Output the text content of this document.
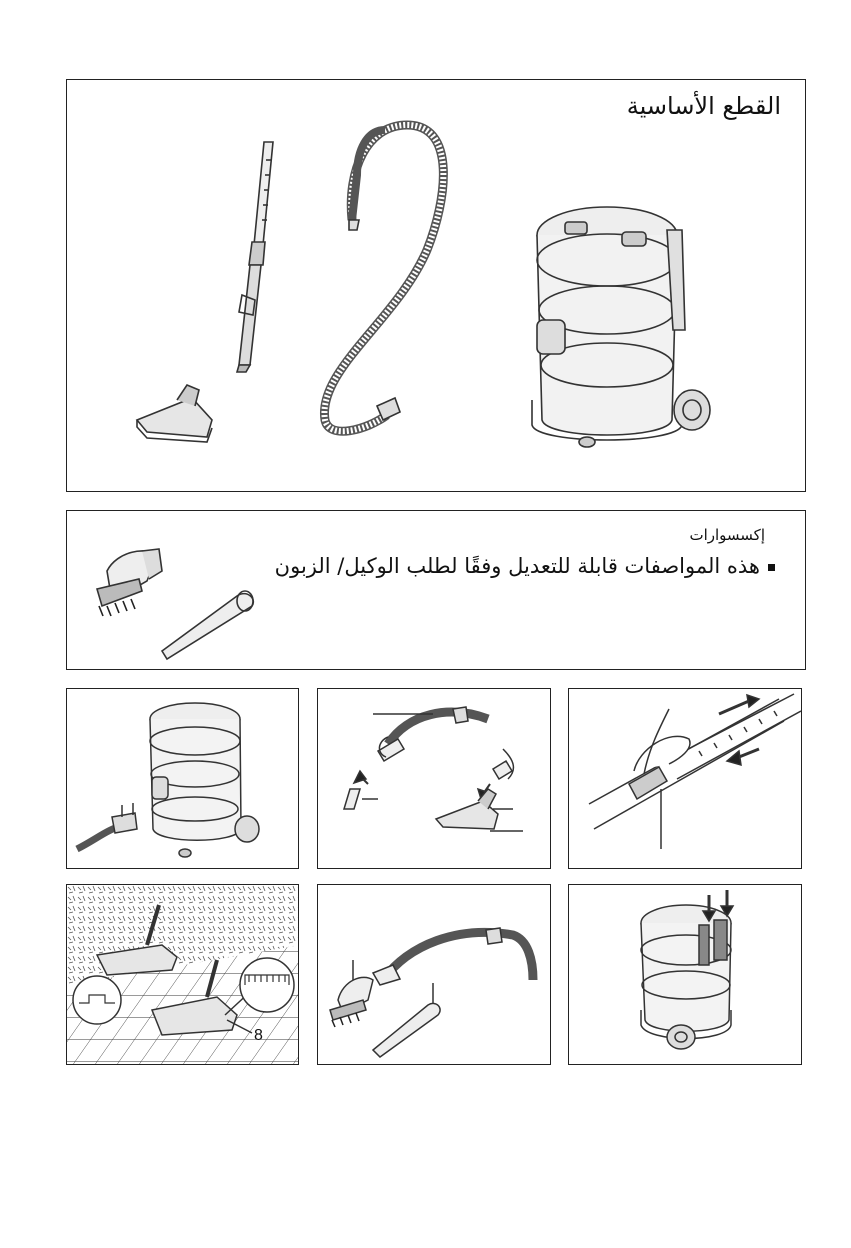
القطع الأساسية
إكسسوارات
هذه المواصفات قابلة للتعديل وفقًا لطلب الوكيل/ الزبون
8
